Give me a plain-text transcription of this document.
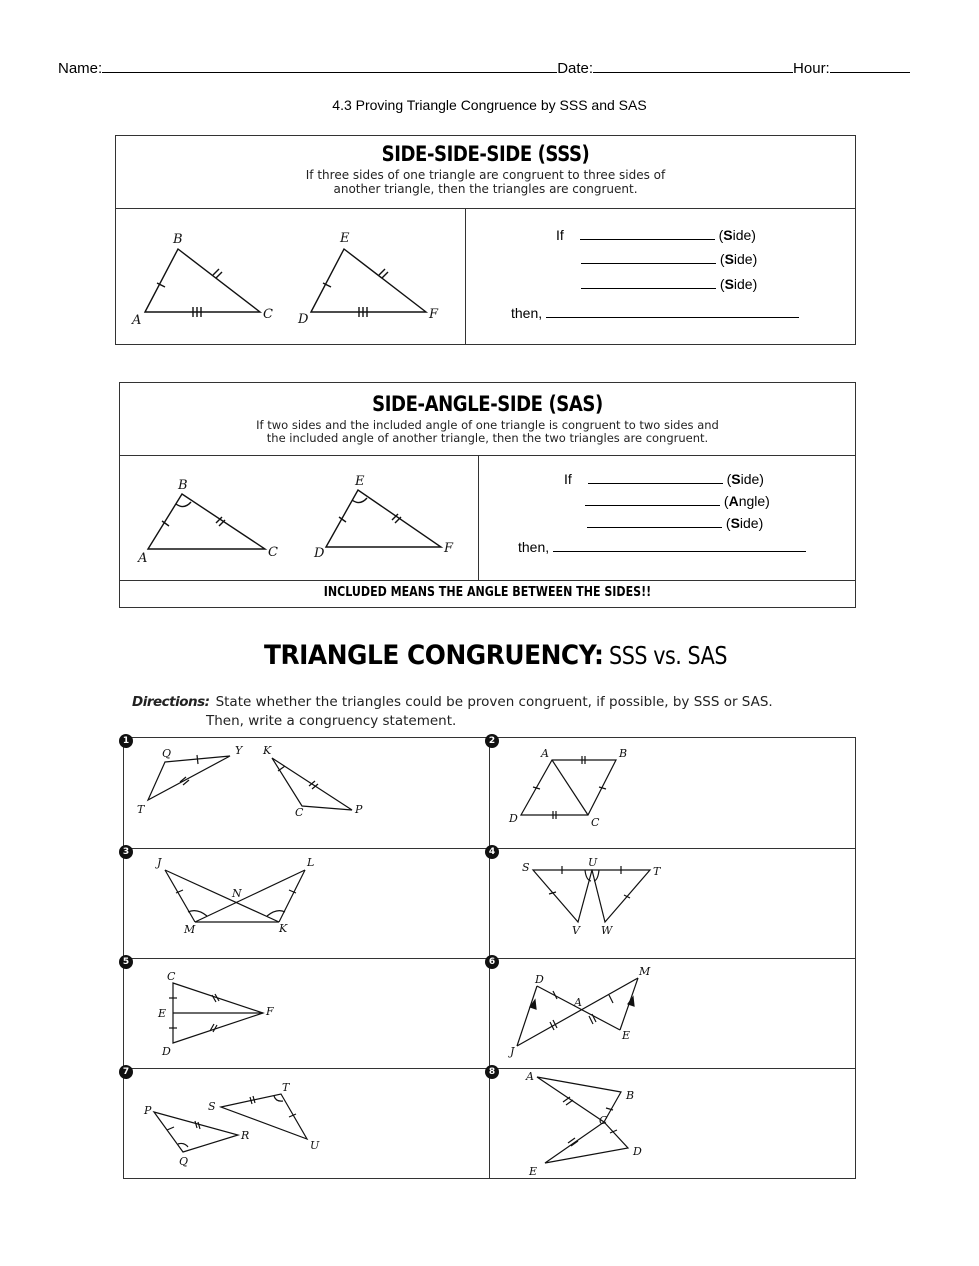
Name:	Date:	Hour:
4.3 Proving Triangle Congruence by SSS and SAS
SIDE-SIDE-SIDE (SSS)
If three sides of one triangle are congruent to three sides of
another triangle, then the triangles are congruent.
If	(Side)
(Side)
(Side)
then,
SIDE-ANGLE-SIDE (SAS)
If two sides and the included angle of one triangle is congruent to two sides and
the included angle of another triangle, then the two triangles are congruent.
INCLUDED MEANS THE ANGLE BETWEEN THE SIDES!!
If	(Side)
(Angle)
(Side)
then,
TRIANGLE CONGRUENCY: SSS vs. SAS
Directions: State whether the triangles could be proven congruent, if possible, by SSS or SAS.
Then, write a congruency statement.
1	2
3	4
5	6
7	8
A
B
C D
E
F
A
B
C	D
E
F
Q	Y K
T	C	P
A	B
D	C
J	L
N
M	K
S	U
T
V W
C
E	F
D
D
M
A
E
J
T
P	S
R
U
Q
A
B
C
D
E
